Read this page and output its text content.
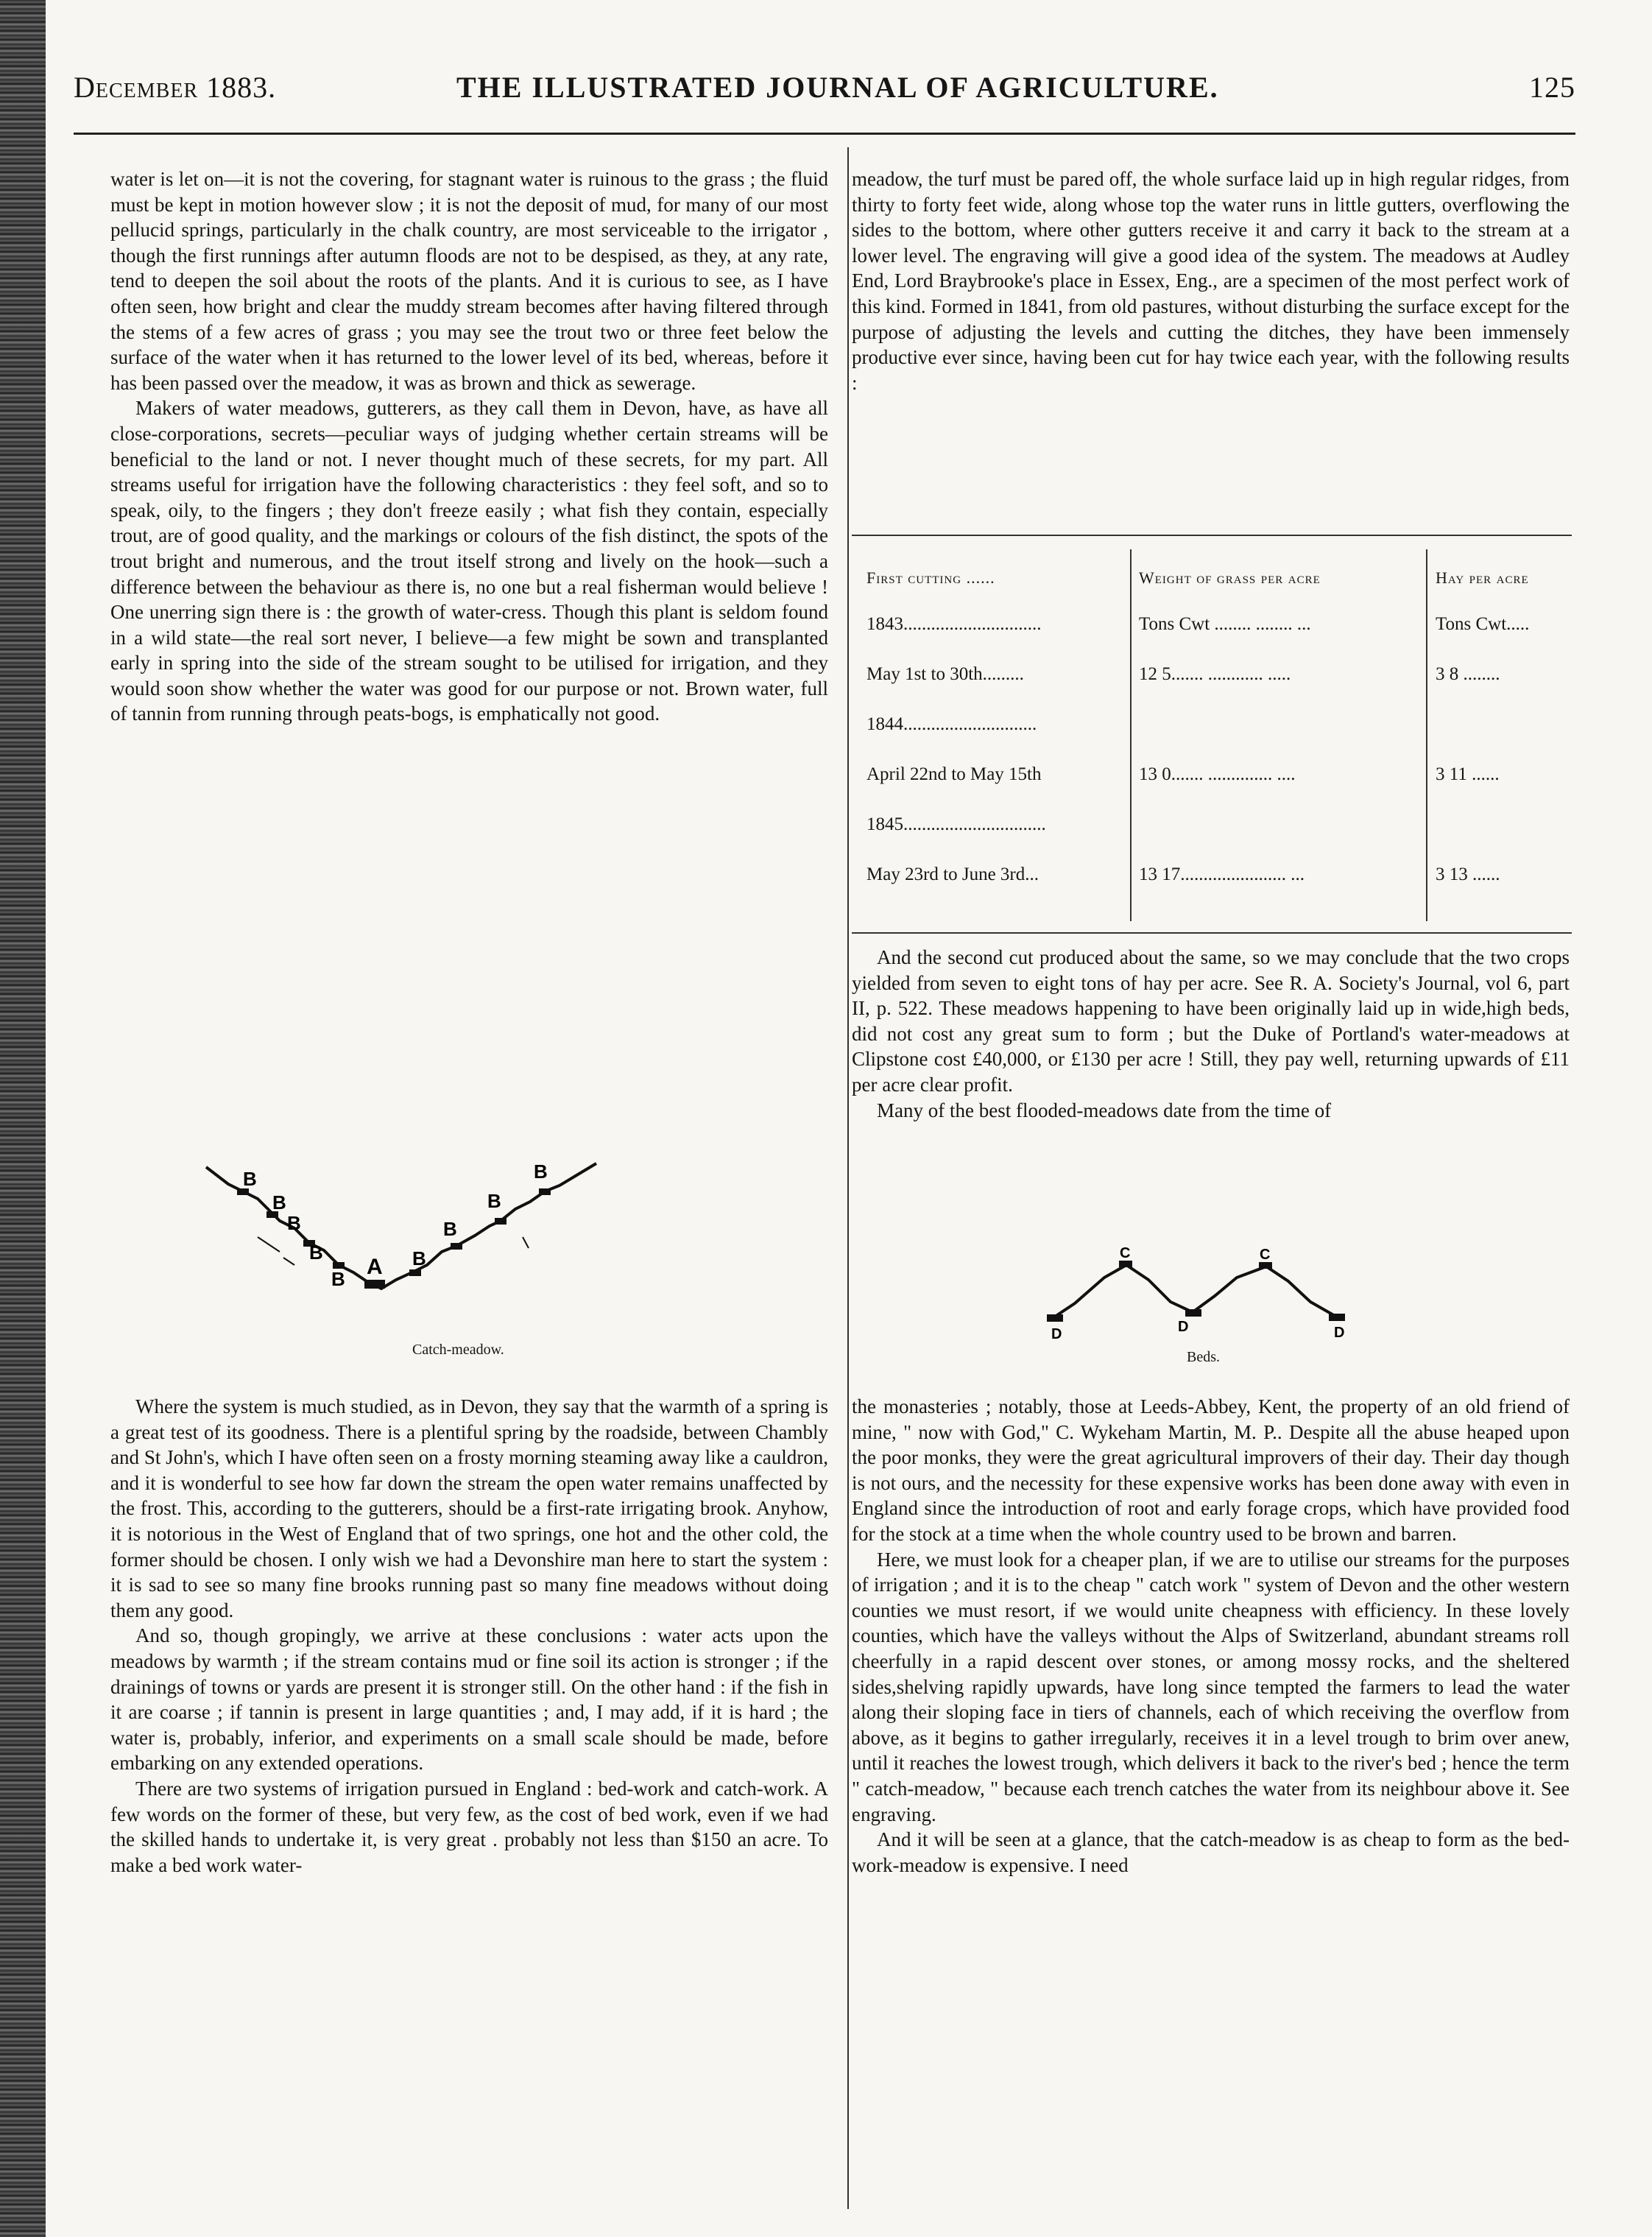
December 1883.	THE ILLUSTRATED JOURNAL OF AGRICULTURE.	125

water is let on—it is not the covering, for stagnant water is ruinous to the grass ; the fluid must be kept in motion however slow ; it is not the deposit of mud, for many of our most pellucid springs, particularly in the chalk country, are most serviceable to the irrigator , though the first runnings after autumn floods are not to be despised, as they, at any rate, tend to deepen the soil about the roots of the plants. And it is curious to see, as I have often seen, how bright and clear the muddy stream becomes after having filtered through the stems of a few acres of grass ; you may see the trout two or three feet below the surface of the water when it has returned to the lower level of its bed, whereas, before it has been passed over the meadow, it was as brown and thick as sewerage.

Makers of water meadows, gutterers, as they call them in Devon, have, as have all close-corporations, secrets—peculiar ways of judging whether certain streams will be beneficial to the land or not. I never thought much of these secrets, for my part. All streams useful for irrigation have the following characteristics : they feel soft, and so to speak, oily, to the fingers ; they don't freeze easily ; what fish they contain, especially trout, are of good quality, and the markings or colours of the fish distinct, the spots of the trout bright and numerous, and the trout itself strong and lively on the hook—such a difference between the behaviour as there is, no one but a real fisherman would believe ! One unerring sign there is : the growth of water-cress. Though this plant is seldom found in a wild state—the real sort never, I believe—a few might be sown and transplanted early in spring into the side of the stream sought to be utilised for irrigation, and they would soon show whether the water was good for our purpose or not. Brown water, full of tannin from running through peats-bogs, is emphatically not good.

B
B
B
B
B A B
B
B
B
Catch-meadow.

Where the system is much studied, as in Devon, they say that the warmth of a spring is a great test of its goodness. There is a plentiful spring by the roadside, between Chambly and St John's, which I have often seen on a frosty morning steaming away like a cauldron, and it is wonderful to see how far down the stream the open water remains unaffected by the frost. This, according to the gutterers, should be a first-rate irrigating brook. Anyhow, it is notorious in the West of England that of two springs, one hot and the other cold, the former should be chosen. I only wish we had a Devonshire man here to start the system : it is sad to see so many fine brooks running past so many fine meadows without doing them any good.

And so, though gropingly, we arrive at these conclusions : water acts upon the meadows by warmth ; if the stream contains mud or fine soil its action is stronger ; if the drainings of towns or yards are present it is stronger still. On the other hand : if the fish in it are coarse ; if tannin is present in large quantities ; and, I may add, if it is hard ; the water is, probably, inferior, and experiments on a small scale should be made, before embarking on any extended operations.

There are two systems of irrigation pursued in England : bed-work and catch-work. A few words on the former of these, but very few, as the cost of bed work, even if we had the skilled hands to undertake it, is very great . probably not less than $150 an acre. To make a bed work water-

meadow, the turf must be pared off, the whole surface laid up in high regular ridges, from thirty to forty feet wide, along whose top the water runs in little gutters, overflowing the sides to the bottom, where other gutters receive it and carry it back to the stream at a lower level. The engraving will give a good idea of the system. The meadows at Audley End, Lord Braybrooke's place in Essex, Eng., are a specimen of the most perfect work of this kind. Formed in 1841, from old pastures, without disturbing the surface except for the purpose of adjusting the levels and cutting the ditches, they have been immensely productive ever since, having been cut for hay twice each year, with the following results :

First cutting ......	Weight of grass per acre	Hay per acre
1843..............................	Tons Cwt ........ ........ ...	Tons Cwt.....
May 1st to 30th.........	12 5....... ............ .....	3 8 ........
1844.............................
April 22nd to May 15th	13 0....... .............. ....	3 11 ......
1845...............................
May 23rd to June 3rd...	13 17....................... ...	3 13 ......

And the second cut produced about the same, so we may conclude that the two crops yielded from seven to eight tons of hay per acre. See R. A. Society's Journal, vol 6, part II, p. 522. These meadows happening to have been originally laid up in wide,high beds, did not cost any great sum to form ; but the Duke of Portland's water-meadows at Clipstone cost £40,000, or £130 per acre ! Still, they pay well, returning upwards of £11 per acre clear profit.

Many of the best flooded-meadows date from the time of

C	C
D	D	D
Beds.

the monasteries ; notably, those at Leeds-Abbey, Kent, the property of an old friend of mine, " now with God," C. Wykeham Martin, M. P.. Despite all the abuse heaped upon the poor monks, they were the great agricultural improvers of their day. Their day though is not ours, and the necessity for these expensive works has been done away with even in England since the introduction of root and early forage crops, which have provided food for the stock at a time when the whole country used to be brown and barren.

Here, we must look for a cheaper plan, if we are to utilise our streams for the purposes of irrigation ; and it is to the cheap " catch work " system of Devon and the other western counties we must resort, if we would unite cheapness with efficiency. In these lovely counties, which have the valleys without the Alps of Switzerland, abundant streams roll cheerfully in a rapid descent over stones, or among mossy rocks, and the sheltered sides,shelving rapidly upwards, have long since tempted the farmers to lead the water along their sloping face in tiers of channels, each of which receiving the overflow from above, as it begins to gather irregularly, receives it in a level trough to brim over anew, until it reaches the lowest trough, which delivers it back to the river's bed ; hence the term " catch-meadow, " because each trench catches the water from its neighbour above it. See engraving.

And it will be seen at a glance, that the catch-meadow is as cheap to form as the bed-work-meadow is expensive. I need
